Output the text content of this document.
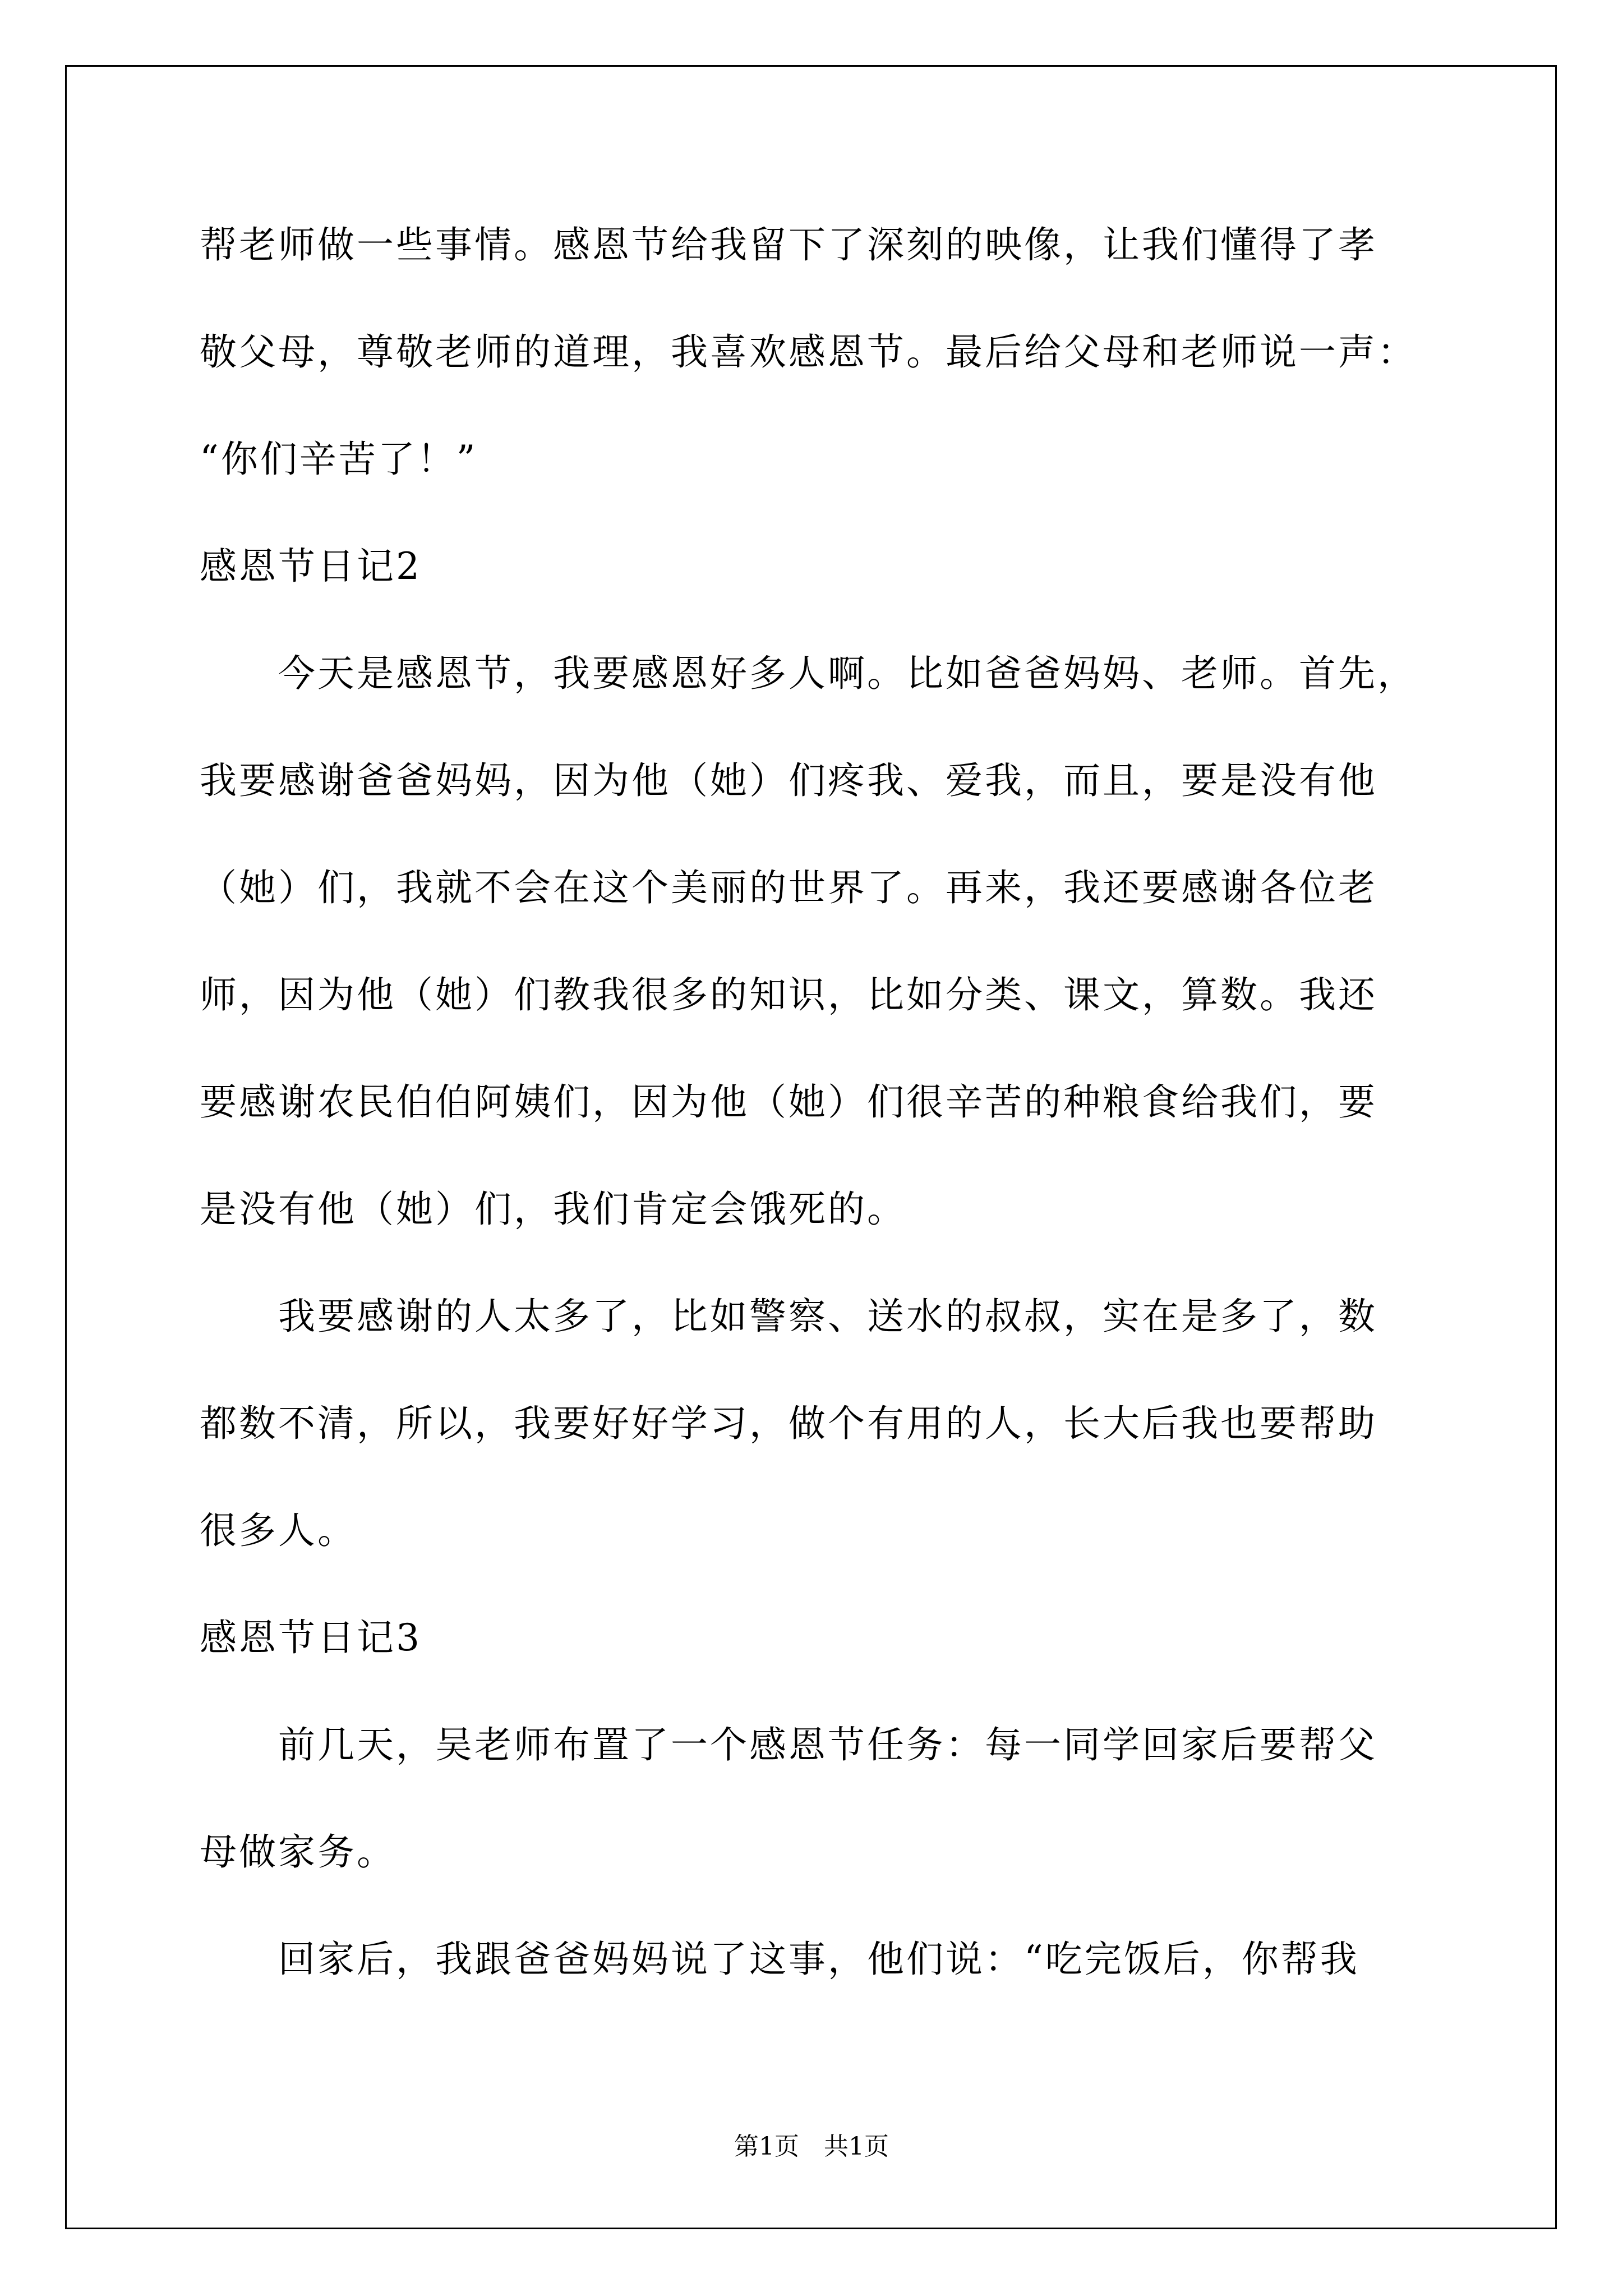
帮老师做一些事情。感恩节给我留下了深刻的映像，让我们懂得了孝
敬父母，尊敬老师的道理，我喜欢感恩节。最后给父母和老师说一声：
“你们辛苦了！”
感恩节日记2
　　今天是感恩节，我要感恩好多人啊。比如爸爸妈妈、老师。首先，
我要感谢爸爸妈妈，因为他（她）们疼我、爱我，而且，要是没有他
（她）们，我就不会在这个美丽的世界了。再来，我还要感谢各位老
师，因为他（她）们教我很多的知识，比如分类、课文，算数。我还
要感谢农民伯伯阿姨们，因为他（她）们很辛苦的种粮食给我们，要
是没有他（她）们，我们肯定会饿死的。
　　我要感谢的人太多了，比如警察、送水的叔叔，实在是多了，数
都数不清，所以，我要好好学习，做个有用的人，长大后我也要帮助
很多人。
感恩节日记3
　　前几天，吴老师布置了一个感恩节任务：每一同学回家后要帮父
母做家务。
　　回家后，我跟爸爸妈妈说了这事，他们说：“吃完饭后，你帮我
第1页　共1页
